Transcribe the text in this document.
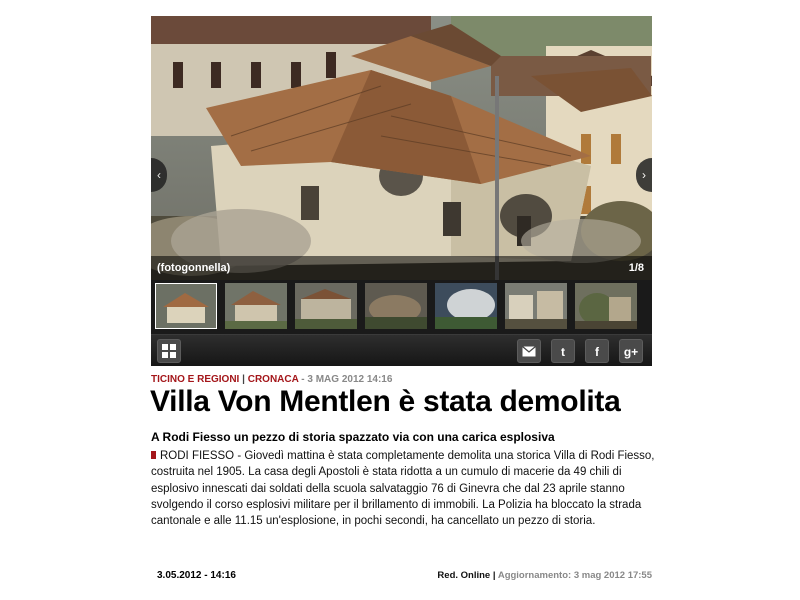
(fotogonnella)	1/8
‹	›
t	f	g+
TICINO E REGIONI | CRONACA - 3 MAG 2012 14:16
Villa Von Mentlen è stata demolita
A Rodi Fiesso un pezzo di storia spazzato via con una carica esplosiva
RODI FIESSO - Giovedì mattina è stata completamente demolita una storica Villa di Rodi Fiesso, costruita nel 1905. La casa degli Apostoli è stata ridotta a un cumulo di macerie da 49 chili di esplosivo innescati dai soldati della scuola salvataggio 76 di Ginevra che dal 23 aprile stanno svolgendo il corso esplosivi militare per il brillamento di immobili. La Polizia ha bloccato la strada cantonale e alle 11.15 un'esplosione, in pochi secondi, ha cancellato un pezzo di storia.
3.05.2012 - 14:16	Red. Online | Aggiornamento: 3 mag 2012 17:55
